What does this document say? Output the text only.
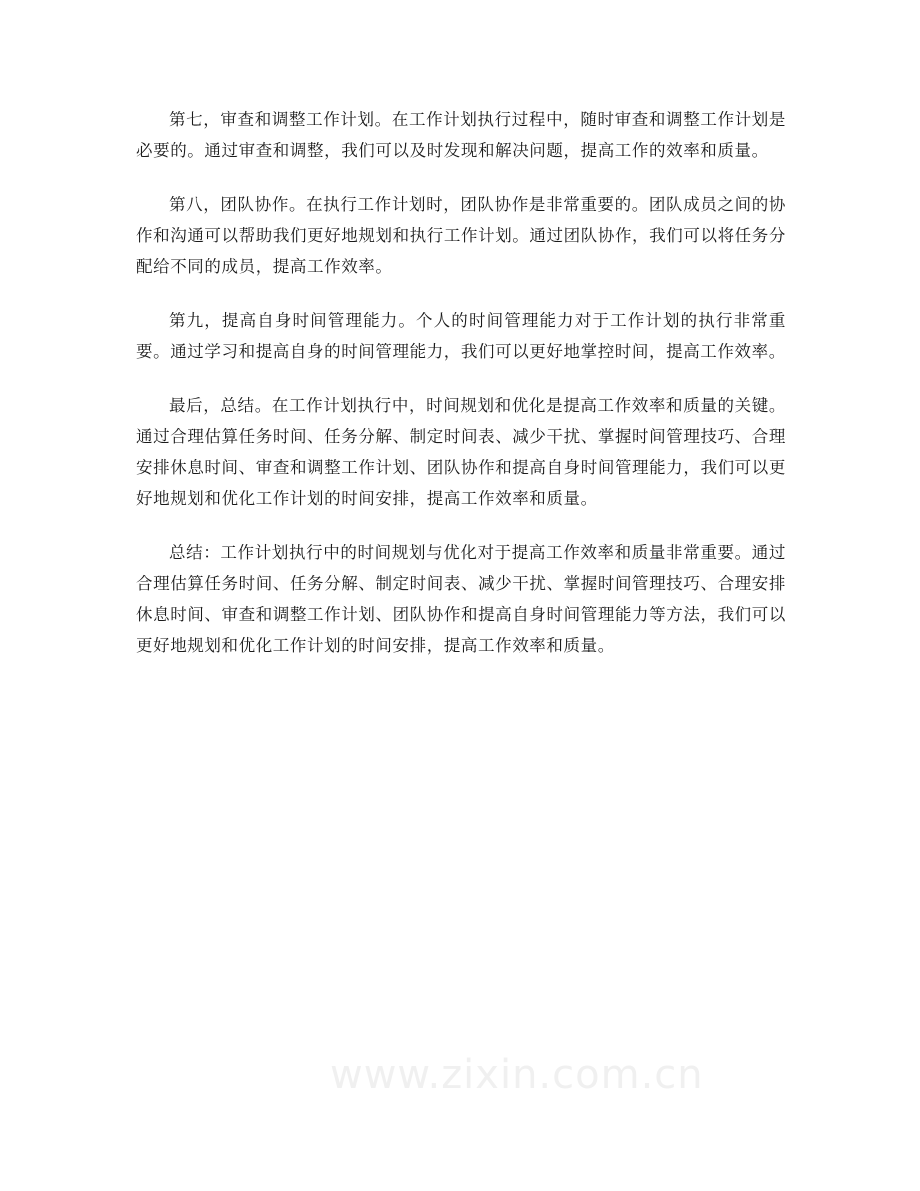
第七，审查和调整工作计划。在工作计划执行过程中，随时审查和调整工作计划是必要的。通过审查和调整，我们可以及时发现和解决问题，提高工作的效率和质量。

第八，团队协作。在执行工作计划时，团队协作是非常重要的。团队成员之间的协作和沟通可以帮助我们更好地规划和执行工作计划。通过团队协作，我们可以将任务分配给不同的成员，提高工作效率。

第九，提高自身时间管理能力。个人的时间管理能力对于工作计划的执行非常重要。通过学习和提高自身的时间管理能力，我们可以更好地掌控时间，提高工作效率。

最后，总结。在工作计划执行中，时间规划和优化是提高工作效率和质量的关键。通过合理估算任务时间、任务分解、制定时间表、减少干扰、掌握时间管理技巧、合理安排休息时间、审查和调整工作计划、团队协作和提高自身时间管理能力，我们可以更好地规划和优化工作计划的时间安排，提高工作效率和质量。

总结：工作计划执行中的时间规划与优化对于提高工作效率和质量非常重要。通过合理估算任务时间、任务分解、制定时间表、减少干扰、掌握时间管理技巧、合理安排休息时间、审查和调整工作计划、团队协作和提高自身时间管理能力等方法，我们可以更好地规划和优化工作计划的时间安排，提高工作效率和质量。

www.zixin.com.cn
